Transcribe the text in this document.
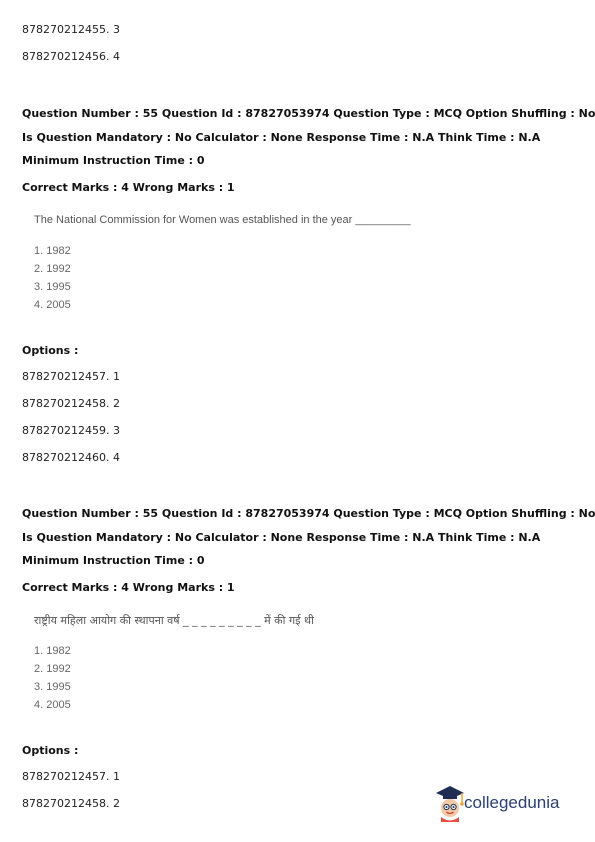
878270212455. 3
878270212456. 4
Question Number : 55 Question Id : 87827053974 Question Type : MCQ Option Shuffling : No
Is Question Mandatory : No Calculator : None Response Time : N.A Think Time : N.A
Minimum Instruction Time : 0
Correct Marks : 4 Wrong Marks : 1
The National Commission for Women was established in the year _________
1. 1982
2. 1992
3. 1995
4. 2005
Options :
878270212457. 1
878270212458. 2
878270212459. 3
878270212460. 4
Question Number : 55 Question Id : 87827053974 Question Type : MCQ Option Shuffling : No
Is Question Mandatory : No Calculator : None Response Time : N.A Think Time : N.A
Minimum Instruction Time : 0
Correct Marks : 4 Wrong Marks : 1
राष्ट्रीय महिला आयोग की स्थापना वर्ष _ _ _ _ _ _ _ _ _ में की गई थी
1. 1982
2. 1992
3. 1995
4. 2005
Options :
878270212457. 1
878270212458. 2	collegedunia
